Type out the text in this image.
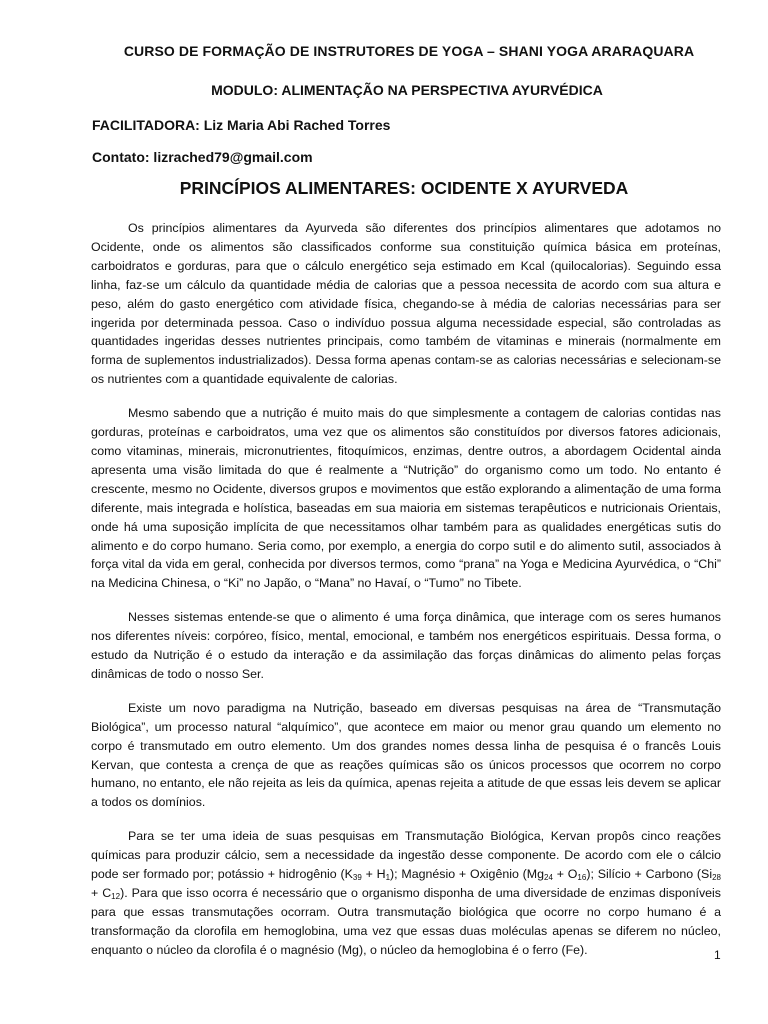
CURSO DE FORMAÇÃO DE INSTRUTORES DE YOGA – SHANI YOGA ARARAQUARA
MODULO: ALIMENTAÇÃO NA PERSPECTIVA AYURVÉDICA
FACILITADORA: Liz Maria Abi Rached Torres
Contato: lizrached79@gmail.com
PRINCÍPIOS ALIMENTARES: OCIDENTE X AYURVEDA

Os princípios alimentares da Ayurveda são diferentes dos princípios alimentares que adotamos no Ocidente, onde os alimentos são classificados conforme sua constituição química básica em proteínas, carboidratos e gorduras, para que o cálculo energético seja estimado em Kcal (quilocalorias). Seguindo essa linha, faz-se um cálculo da quantidade média de calorias que a pessoa necessita de acordo com sua altura e peso, além do gasto energético com atividade física, chegando-se à média de calorias necessárias para ser ingerida por determinada pessoa. Caso o indivíduo possua alguma necessidade especial, são controladas as quantidades ingeridas desses nutrientes principais, como também de vitaminas e minerais (normalmente em forma de suplementos industrializados). Dessa forma apenas contam-se as calorias necessárias e selecionam-se os nutrientes com a quantidade equivalente de calorias.

Mesmo sabendo que a nutrição é muito mais do que simplesmente a contagem de calorias contidas nas gorduras, proteínas e carboidratos, uma vez que os alimentos são constituídos por diversos fatores adicionais, como vitaminas, minerais, micronutrientes, fitoquímicos, enzimas, dentre outros, a abordagem Ocidental ainda apresenta uma visão limitada do que é realmente a “Nutrição” do organismo como um todo. No entanto é crescente, mesmo no Ocidente, diversos grupos e movimentos que estão explorando a alimentação de uma forma diferente, mais integrada e holística, baseadas em sua maioria em sistemas terapêuticos e nutricionais Orientais, onde há uma suposição implícita de que necessitamos olhar também para as qualidades energéticas sutis do alimento e do corpo humano. Seria como, por exemplo, a energia do corpo sutil e do alimento sutil, associados à força vital da vida em geral, conhecida por diversos termos, como “prana” na Yoga e Medicina Ayurvédica, o “Chi” na Medicina Chinesa, o “Ki” no Japão, o “Mana” no Havaí, o “Tumo” no Tibete.

Nesses sistemas entende-se que o alimento é uma força dinâmica, que interage com os seres humanos nos diferentes níveis: corpóreo, físico, mental, emocional, e também nos energéticos espirituais. Dessa forma, o estudo da Nutrição é o estudo da interação e da assimilação das forças dinâmicas do alimento pelas forças dinâmicas de todo o nosso Ser.

Existe um novo paradigma na Nutrição, baseado em diversas pesquisas na área de “Transmutação Biológica”, um processo natural “alquímico”, que acontece em maior ou menor grau quando um elemento no corpo é transmutado em outro elemento. Um dos grandes nomes dessa linha de pesquisa é o francês Louis Kervan, que contesta a crença de que as reações químicas são os únicos processos que ocorrem no corpo humano, no entanto, ele não rejeita as leis da química, apenas rejeita a atitude de que essas leis devem se aplicar a todos os domínios.

Para se ter uma ideia de suas pesquisas em Transmutação Biológica, Kervan propôs cinco reações químicas para produzir cálcio, sem a necessidade da ingestão desse componente. De acordo com ele o cálcio pode ser formado por; potássio + hidrogênio $(K_{39} + H_1)$; Magnésio + Oxigênio $(Mg_{24} + O_{16})$; Silício + Carbono $(Si_{28} + C_{12})$. Para que isso ocorra é necessário que o organismo disponha de uma diversidade de enzimas disponíveis para que essas transmutações ocorram. Outra transmutação biológica que ocorre no corpo humano é a transformação da clorofila em hemoglobina, uma vez que essas duas moléculas apenas se diferem no núcleo, enquanto o núcleo da clorofila é o magnésio (Mg), o núcleo da hemoglobina é o ferro (Fe).	1
